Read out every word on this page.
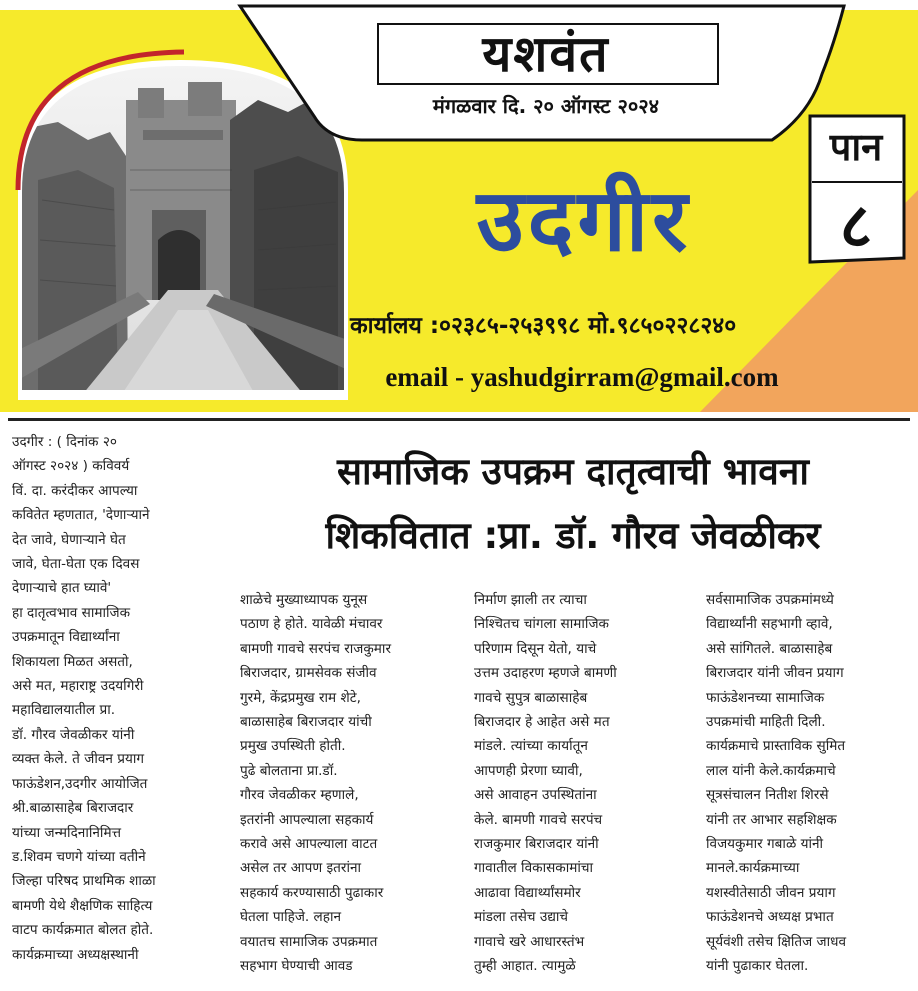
यशवंत
मंगळवार दि. २० ऑगस्ट २०२४
पान
८
उदगीर
कार्यालय :०२३८५-२५३९९८ मो.९८५०२२८२४०
email - yashudgirram@gmail.com
सामाजिक उपक्रम दातृत्वाची भावना
शिकवितात :प्रा. डॉ. गौरव जेवळीकर

उदगीर : ( दिनांक २०
ऑगस्ट २०२४ ) कविवर्य
विं. दा. करंदीकर आपल्या
कवितेत म्हणतात, 'देणाऱ्याने
देत जावे, घेणाऱ्याने घेत
जावे, घेता-घेता एक दिवस
देणाऱ्याचे हात घ्यावे'
हा दातृत्वभाव सामाजिक
उपक्रमातून विद्यार्थ्यांना
शिकायला मिळत असतो,
असे मत, महाराष्ट्र उदयगिरी
महाविद्यालयातील प्रा.
डॉ. गौरव जेवळीकर यांनी
व्यक्त केले. ते जीवन प्रयाग
फाऊंडेशन,उदगीर आयोजित
श्री.बाळासाहेब बिराजदार
यांच्या जन्मदिनानिमित्त
ड.शिवम चणगे यांच्या वतीने
जिल्हा परिषद प्राथमिक शाळा
बामणी येथे शैक्षणिक साहित्य
वाटप कार्यक्रमात बोलत होते.
कार्यक्रमाच्या अध्यक्षस्थानी

शाळेचे मुख्याध्यापक युनूस
पठाण हे होते. यावेळी मंचावर
बामणी गावचे सरपंच राजकुमार
बिराजदार, ग्रामसेवक संजीव
गुरमे, केंद्रप्रमुख राम शेटे,
बाळासाहेब बिराजदार यांची
प्रमुख उपस्थिती होती.
पुढे बोलताना प्रा.डॉ.
गौरव जेवळीकर म्हणाले,
इतरांनी आपल्याला सहकार्य
करावे असे आपल्याला वाटत
असेल तर आपण इतरांना
सहकार्य करण्यासाठी पुढाकार
घेतला पाहिजे. लहान
वयातच सामाजिक उपक्रमात
सहभाग घेण्याची आवड

निर्माण झाली तर त्याचा
निश्चितच चांगला सामाजिक
परिणाम दिसून येतो, याचे
उत्तम उदाहरण म्हणजे बामणी
गावचे सुपुत्र बाळासाहेब
बिराजदार हे आहेत असे मत
मांडले. त्यांच्या कार्यातून
आपणही प्रेरणा घ्यावी,
असे आवाहन उपस्थितांना
केले. बामणी गावचे सरपंच
राजकुमार बिराजदार यांनी
गावातील विकासकामांचा
आढावा विद्यार्थ्यांसमोर
मांडला तसेच उद्याचे
गावाचे खरे आधारस्तंभ
तुम्ही आहात. त्यामुळे

सर्वसामाजिक उपक्रमांमध्ये
विद्यार्थ्यांनी सहभागी व्हावे,
असे सांगितले. बाळासाहेब
बिराजदार यांनी जीवन प्रयाग
फाऊंडेशनच्या सामाजिक
उपक्रमांची माहिती दिली.
कार्यक्रमाचे प्रास्ताविक सुमित
लाल यांनी केले.कार्यक्रमाचे
सूत्रसंचालन नितीश शिरसे
यांनी तर आभार सहशिक्षक
विजयकुमार गबाळे यांनी
मानले.कार्यक्रमाच्या
यशस्वीतेसाठी जीवन प्रयाग
फाऊंडेशनचे अध्यक्ष प्रभात
सूर्यवंशी तसेच क्षितिज जाधव
यांनी पुढाकार घेतला.
